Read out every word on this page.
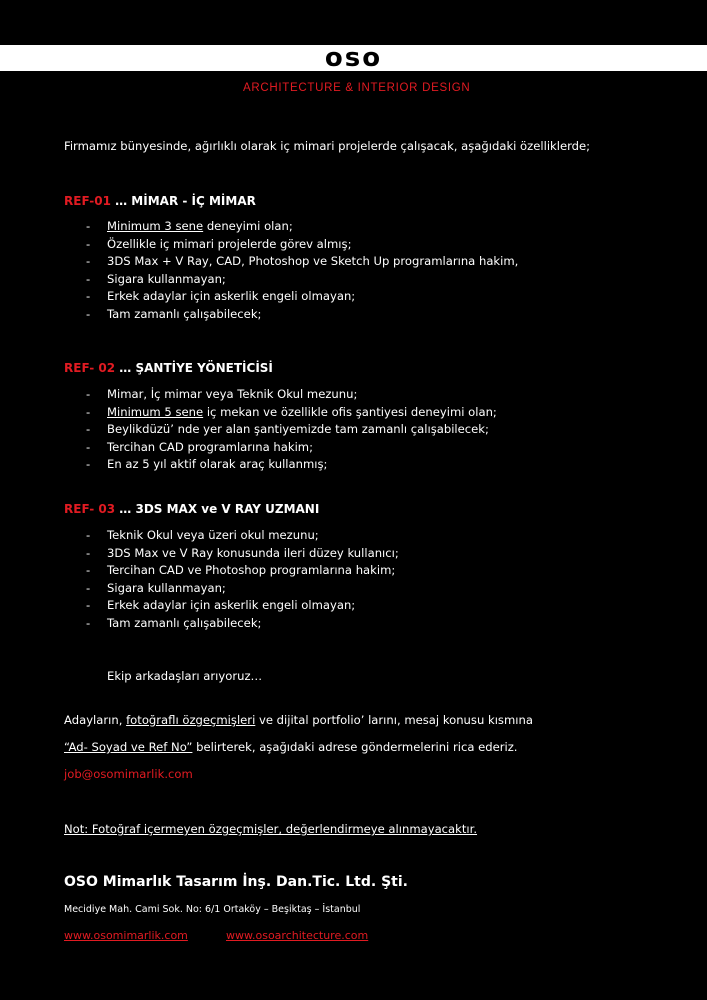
oso
ARCHITECTURE & INTERIOR DESIGN
Firmamız bünyesinde, ağırlıklı olarak iç mimari projelerde çalışacak, aşağıdaki özelliklerde;
REF-01 … MİMAR - İÇ MİMAR
- Minimum 3 sene deneyimi olan;
- Özellikle iç mimari projelerde görev almış;
- 3DS Max + V Ray, CAD, Photoshop ve Sketch Up programlarına hakim,
- Sigara kullanmayan;
- Erkek adaylar için askerlik engeli olmayan;
- Tam zamanlı çalışabilecek;
REF- 02 … ŞANTİYE YÖNETİCİSİ
- Mimar, İç mimar veya Teknik Okul mezunu;
- Minimum 5 sene iç mekan ve özellikle ofis şantiyesi deneyimi olan;
- Beylikdüzü’ nde yer alan şantiyemizde tam zamanlı çalışabilecek;
- Tercihan CAD programlarına hakim;
- En az 5 yıl aktif olarak araç kullanmış;
REF- 03 … 3DS MAX ve V RAY UZMANI
- Teknik Okul veya üzeri okul mezunu;
- 3DS Max ve V Ray konusunda ileri düzey kullanıcı;
- Tercihan CAD ve Photoshop programlarına hakim;
- Sigara kullanmayan;
- Erkek adaylar için askerlik engeli olmayan;
- Tam zamanlı çalışabilecek;
Ekip arkadaşları arıyoruz…
Adayların, fotoğraflı özgeçmişleri ve dijital portfolio’ larını, mesaj konusu kısmına
“Ad- Soyad ve Ref No” belirterek, aşağıdaki adrese göndermelerini rica ederiz.
job@osomimarlik.com
Not: Fotoğraf içermeyen özgeçmişler, değerlendirmeye alınmayacaktır.
OSO Mimarlık Tasarım İnş. Dan.Tic. Ltd. Şti.
Mecidiye Mah. Cami Sok. No: 6/1 Ortaköy – Beşiktaş – İstanbul
www.osomimarlik.com	www.osoarchitecture.com
